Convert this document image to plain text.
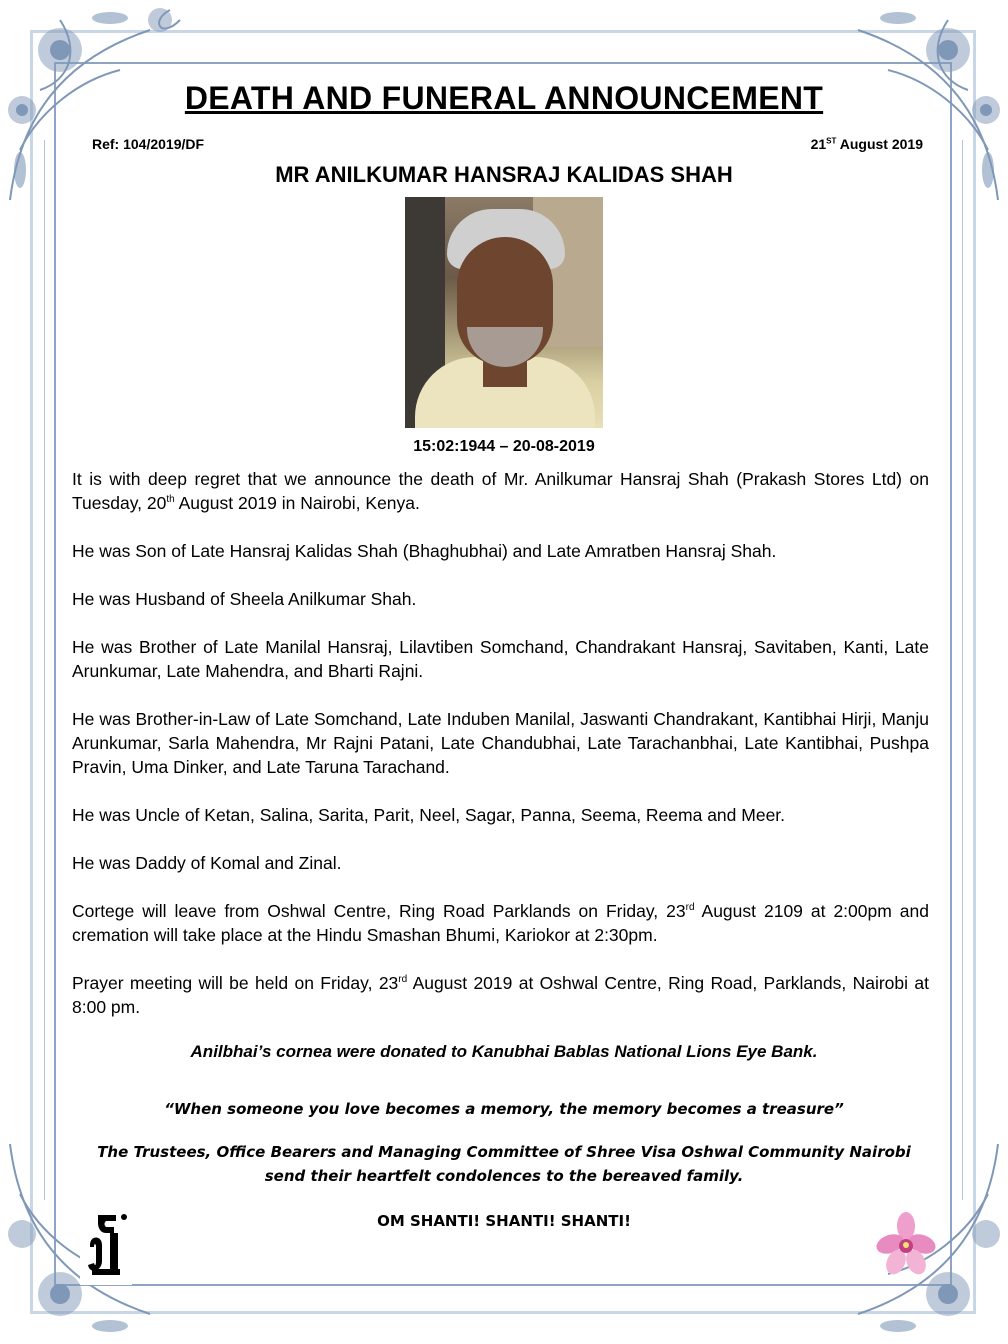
DEATH AND FUNERAL ANNOUNCEMENT
Ref: 104/2019/DF	21ST August 2019
MR ANILKUMAR HANSRAJ KALIDAS SHAH
15:02:1944 – 20-08-2019

It is with deep regret that we announce the death of Mr. Anilkumar Hansraj Shah (Prakash Stores Ltd) on Tuesday, 20th August 2019 in Nairobi, Kenya.

He was Son of Late Hansraj Kalidas Shah (Bhaghubhai) and Late Amratben Hansraj Shah.

He was Husband of Sheela Anilkumar Shah.

He was Brother of Late Manilal Hansraj, Lilavtiben Somchand, Chandrakant Hansraj, Savitaben, Kanti, Late Arunkumar, Late Mahendra, and Bharti Rajni.

He was Brother-in-Law of Late Somchand, Late Induben Manilal, Jaswanti Chandrakant, Kantibhai Hirji, Manju Arunkumar, Sarla Mahendra, Mr Rajni Patani, Late Chandubhai, Late Tarachanbhai, Late Kantibhai, Pushpa Pravin, Uma Dinker, and Late Taruna Tarachand.

He was Uncle of Ketan, Salina, Sarita, Parit, Neel, Sagar, Panna, Seema, Reema and Meer.

He was Daddy of Komal and Zinal.

Cortege will leave from Oshwal Centre, Ring Road Parklands on Friday, 23rd August 2109 at 2:00pm and cremation will take place at the Hindu Smashan Bhumi, Kariokor at 2:30pm.

Prayer meeting will be held on Friday, 23rd August 2019 at Oshwal Centre, Ring Road, Parklands, Nairobi at 8:00 pm.

Anilbhai’s cornea were donated to Kanubhai Bablas National Lions Eye Bank.
“When someone you love becomes a memory, the memory becomes a treasure”
The Trustees, Office Bearers and Managing Committee of Shree Visa Oshwal Community Nairobi
send their heartfelt condolences to the bereaved family.
OM SHANTI! SHANTI! SHANTI!
